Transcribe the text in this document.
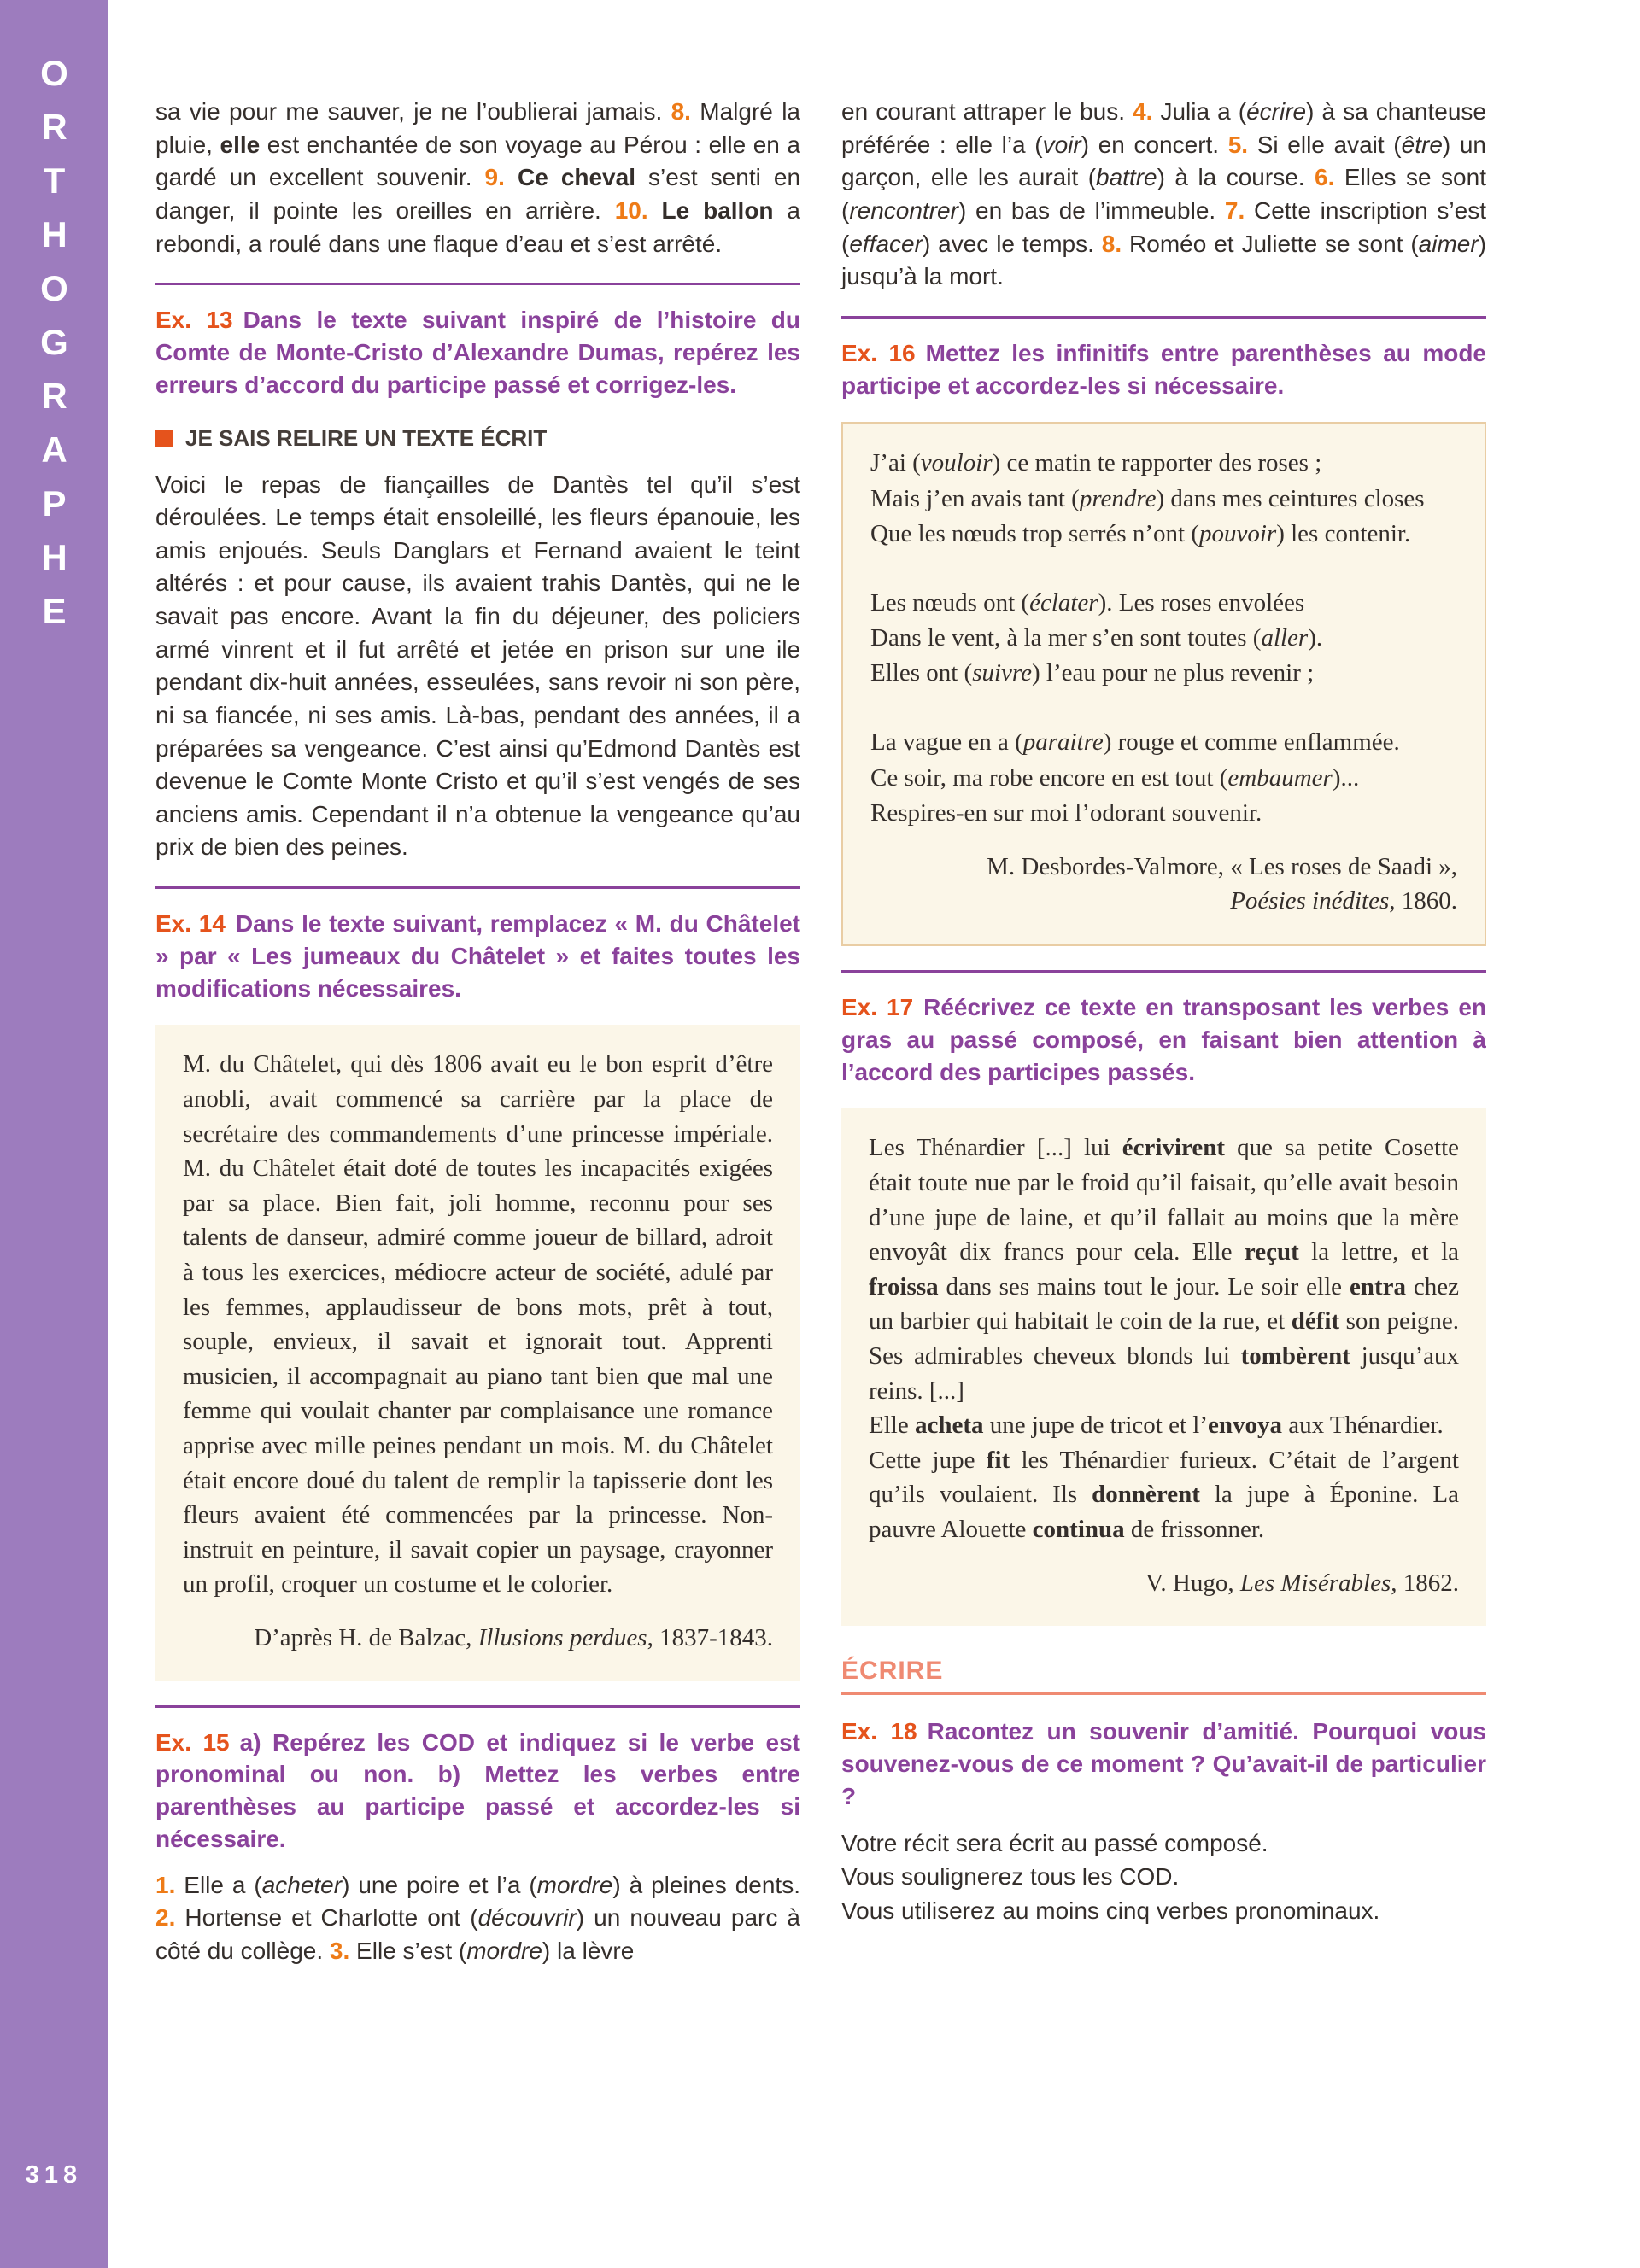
ORTHOGRAPHE
318

sa vie pour me sauver, je ne l’oublierai jamais. 8. Malgré la pluie, elle est enchantée de son voyage au Pérou : elle en a gardé un excellent souvenir. 9. Ce cheval s’est senti en danger, il pointe les oreilles en arrière. 10. Le ballon a rebondi, a roulé dans une flaque d’eau et s’est arrêté.

Ex. 13 Dans le texte suivant inspiré de l’histoire du Comte de Monte-Cristo d’Alexandre Dumas, repérez les erreurs d’accord du participe passé et corrigez-les.

JE SAIS RELIRE UN TEXTE ÉCRIT

Voici le repas de fiançailles de Dantès tel qu’il s’est déroulées. Le temps était ensoleillé, les fleurs épanouie, les amis enjoués. Seuls Danglars et Fernand avaient le teint altérés : et pour cause, ils avaient trahis Dantès, qui ne le savait pas encore. Avant la fin du déjeuner, des policiers armé vinrent et il fut arrêté et jetée en prison sur une ile pendant dix-huit années, esseulées, sans revoir ni son père, ni sa fiancée, ni ses amis. Là-bas, pendant des années, il a préparées sa vengeance. C’est ainsi qu’Edmond Dantès est devenue le Comte Monte Cristo et qu’il s’est vengés de ses anciens amis. Cependant il n’a obtenue la vengeance qu’au prix de bien des peines.

Ex. 14 Dans le texte suivant, remplacez « M. du Châtelet » par « Les jumeaux du Châtelet » et faites toutes les modifications nécessaires.

M. du Châtelet, qui dès 1806 avait eu le bon esprit d’être anobli, avait commencé sa carrière par la place de secrétaire des commandements d’une princesse impériale. M. du Châtelet était doté de toutes les incapacités exigées par sa place. Bien fait, joli homme, reconnu pour ses talents de danseur, admiré comme joueur de billard, adroit à tous les exercices, médiocre acteur de société, adulé par les femmes, applaudisseur de bons mots, prêt à tout, souple, envieux, il savait et ignorait tout. Apprenti musicien, il accompagnait au piano tant bien que mal une femme qui voulait chanter par complaisance une romance apprise avec mille peines pendant un mois. M. du Châtelet était encore doué du talent de remplir la tapisserie dont les fleurs avaient été commencées par la princesse. Non-instruit en peinture, il savait copier un paysage, crayonner un profil, croquer un costume et le colorier.

D’après H. de Balzac, Illusions perdues, 1837-1843.

Ex. 15 a) Repérez les COD et indiquez si le verbe est pronominal ou non. b) Mettez les verbes entre parenthèses au participe passé et accordez-les si nécessaire.

1. Elle a (acheter) une poire et l’a (mordre) à pleines dents. 2. Hortense et Charlotte ont (découvrir) un nouveau parc à côté du collège. 3. Elle s’est (mordre) la lèvre

en courant attraper le bus. 4. Julia a (écrire) à sa chanteuse préférée : elle l’a (voir) en concert. 5. Si elle avait (être) un garçon, elle les aurait (battre) à la course. 6. Elles se sont (rencontrer) en bas de l’immeuble. 7. Cette inscription s’est (effacer) avec le temps. 8. Roméo et Juliette se sont (aimer) jusqu’à la mort.

Ex. 16 Mettez les infinitifs entre parenthèses au mode participe et accordez-les si nécessaire.

J’ai (vouloir) ce matin te rapporter des roses ;
Mais j’en avais tant (prendre) dans mes ceintures closes
Que les nœuds trop serrés n’ont (pouvoir) les contenir.
Les nœuds ont (éclater). Les roses envolées
Dans le vent, à la mer s’en sont toutes (aller).
Elles ont (suivre) l’eau pour ne plus revenir ;
La vague en a (paraitre) rouge et comme enflammée.
Ce soir, ma robe encore en est tout (embaumer)...
Respires-en sur moi l’odorant souvenir.

M. Desbordes-Valmore, « Les roses de Saadi »,
Poésies inédites, 1860.

Ex. 17 Réécrivez ce texte en transposant les verbes en gras au passé composé, en faisant bien attention à l’accord des participes passés.

Les Thénardier [...] lui écrivirent que sa petite Cosette était toute nue par le froid qu’il faisait, qu’elle avait besoin d’une jupe de laine, et qu’il fallait au moins que la mère envoyât dix francs pour cela. Elle reçut la lettre, et la froissa dans ses mains tout le jour. Le soir elle entra chez un barbier qui habitait le coin de la rue, et défit son peigne. Ses admirables cheveux blonds lui tombèrent jusqu’aux reins. [...]

Elle acheta une jupe de tricot et l’envoya aux Thénardier.

Cette jupe fit les Thénardier furieux. C’était de l’argent qu’ils voulaient. Ils donnèrent la jupe à Éponine. La pauvre Alouette continua de frissonner.

V. Hugo, Les Misérables, 1862.

ÉCRIRE

Ex. 18 Racontez un souvenir d’amitié. Pourquoi vous souvenez-vous de ce moment ? Qu’avait-il de particulier ?

Votre récit sera écrit au passé composé.

Vous soulignerez tous les COD.

Vous utiliserez au moins cinq verbes pronominaux.
